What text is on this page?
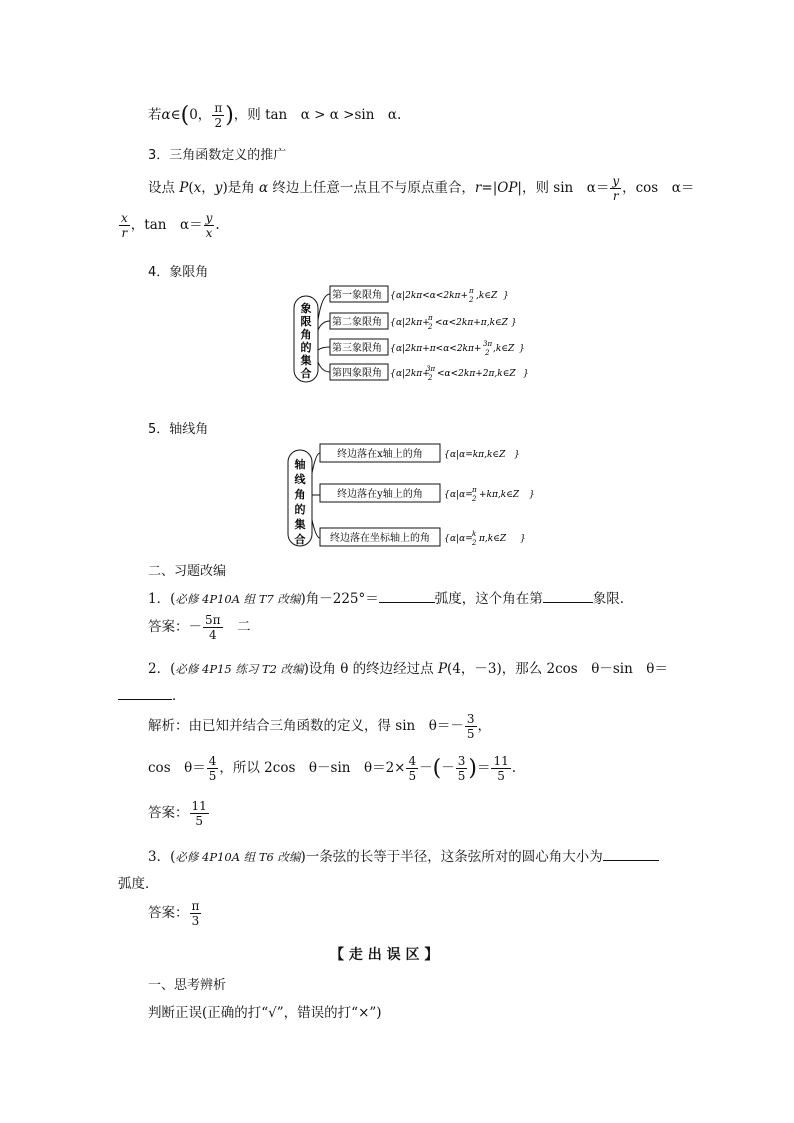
若α∈(0， $\frac{\pi}{2}$ )，则 tan　α > α >sin　α.
3．三角函数定义的推广
设点 P(x，y)是角 α 终边上任意一点且不与原点重合，r=|OP|，则 sin　$\alpha= \frac{y}{r}$ ，cos　α＝
$\frac{x}{r}$ ，tan　$\alpha= \frac{y}{x}$ .
4．象限角
象
限
角
的
集
合
第一象限角
第二象限角
第三象限角
第四象限角
{ α|2kπ<α<2kπ+ π
2 ,k∈Z }
{ α|2kπ+
π
2 <α<2kπ+π,k∈Z }
{ α|2kπ+π<α<2kπ+ 3π
2 ,k∈Z }
{ α|2kπ+
3π
2 <α<2kπ+2π,k∈Z }
5．轴线角
轴
线
角
的
集
合
终边落在x轴上的角
终边落在y轴上的角
终边落在坐标轴上的角
{ α|α=kπ,k∈Z }
{ α|α= π
2 +kπ,k∈Z }
{ α|α= k
2 π,k∈Z }
二、习题改编
1．(必修 4P10A 组 T7 改编)角－225°＝	弧度，这个角在第	象限．
答案：－ $\frac{5\pi}{4}$ 　二
2．(必修 4P15 练习 T2 改编)设角 θ 的终边经过点 P(4，－3)，那么 2cos　θ－sin　θ＝
．
解析：由已知并结合三角函数的定义，得 sin　$\theta=- \frac{3}{5}$ ，
cos　$\theta= \frac{4}{5}$ ，所以 2cos　θ－sin　$\theta=2\times \frac{4}{5}$ －(－ $\frac{3}{5}$ )＝ $\frac{11}{5}$ .
答案： $\frac{11}{5}$
3．(必修 4P10A 组 T6 改编)一条弦的长等于半径，这条弦所对的圆心角大小为
弧度．
答案： $\frac{\pi}{3}$
【 走 出 误 区 】
一、思考辨析
判断正误(正确的打“√”，错误的打“×”)
